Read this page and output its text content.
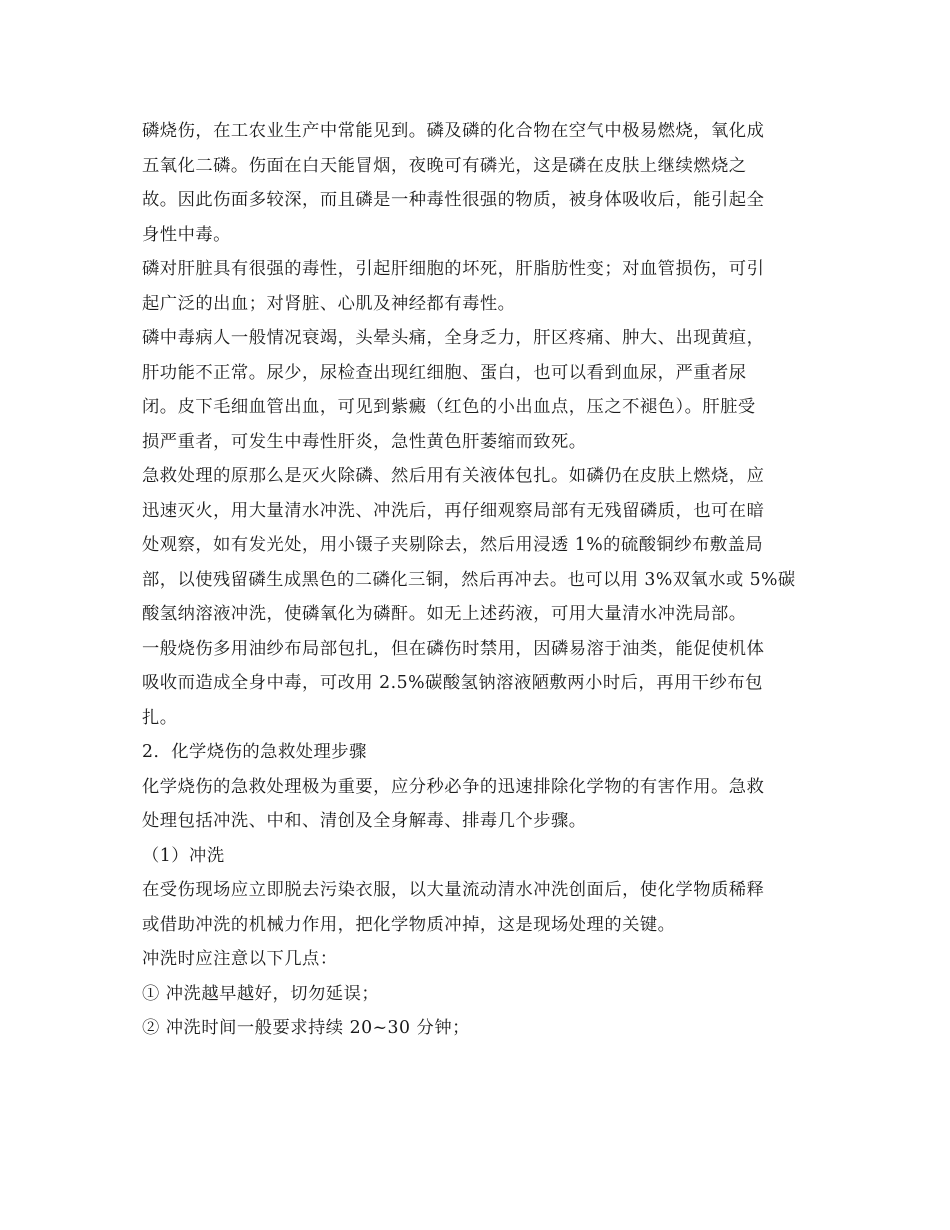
磷烧伤，在工农业生产中常能见到。磷及磷的化合物在空气中极易燃烧，氧化成
五氧化二磷。伤面在白天能冒烟，夜晚可有磷光，这是磷在皮肤上继续燃烧之
故。因此伤面多较深，而且磷是一种毒性很强的物质，被身体吸收后，能引起全
身性中毒。
磷对肝脏具有很强的毒性，引起肝细胞的坏死，肝脂肪性变；对血管损伤，可引
起广泛的出血；对肾脏、心肌及神经都有毒性。
磷中毒病人一般情况衰竭，头晕头痛，全身乏力，肝区疼痛、肿大、出现黄疸，
肝功能不正常。尿少，尿检查出现红细胞、蛋白，也可以看到血尿，严重者尿
闭。皮下毛细血管出血，可见到紫癜（红色的小出血点，压之不褪色）。肝脏受
损严重者，可发生中毒性肝炎，急性黄色肝萎缩而致死。
急救处理的原那么是灭火除磷、然后用有关液体包扎。如磷仍在皮肤上燃烧，应
迅速灭火，用大量清水冲洗、冲洗后，再仔细观察局部有无残留磷质，也可在暗
处观察，如有发光处，用小镊子夹剔除去，然后用浸透 1%的硫酸铜纱布敷盖局
部，以使残留磷生成黑色的二磷化三铜，然后再冲去。也可以用 3%双氧水或 5%碳
酸氢纳溶液冲洗，使磷氧化为磷酐。如无上述药液，可用大量清水冲洗局部。
一般烧伤多用油纱布局部包扎，但在磷伤时禁用，因磷易溶于油类，能促使机体
吸收而造成全身中毒，可改用 2.5%碳酸氢钠溶液陋敷两小时后，再用干纱布包
扎。
2．化学烧伤的急救处理步骤
化学烧伤的急救处理极为重要，应分秒必争的迅速排除化学物的有害作用。急救
处理包括冲洗、中和、清创及全身解毒、排毒几个步骤。
（1）冲洗
在受伤现场应立即脱去污染衣服，以大量流动清水冲洗创面后，使化学物质稀释
或借助冲洗的机械力作用，把化学物质冲掉，这是现场处理的关键。
冲洗时应注意以下几点：
① 冲洗越早越好，切勿延误；
② 冲洗时间一般要求持续 20~30 分钟；
